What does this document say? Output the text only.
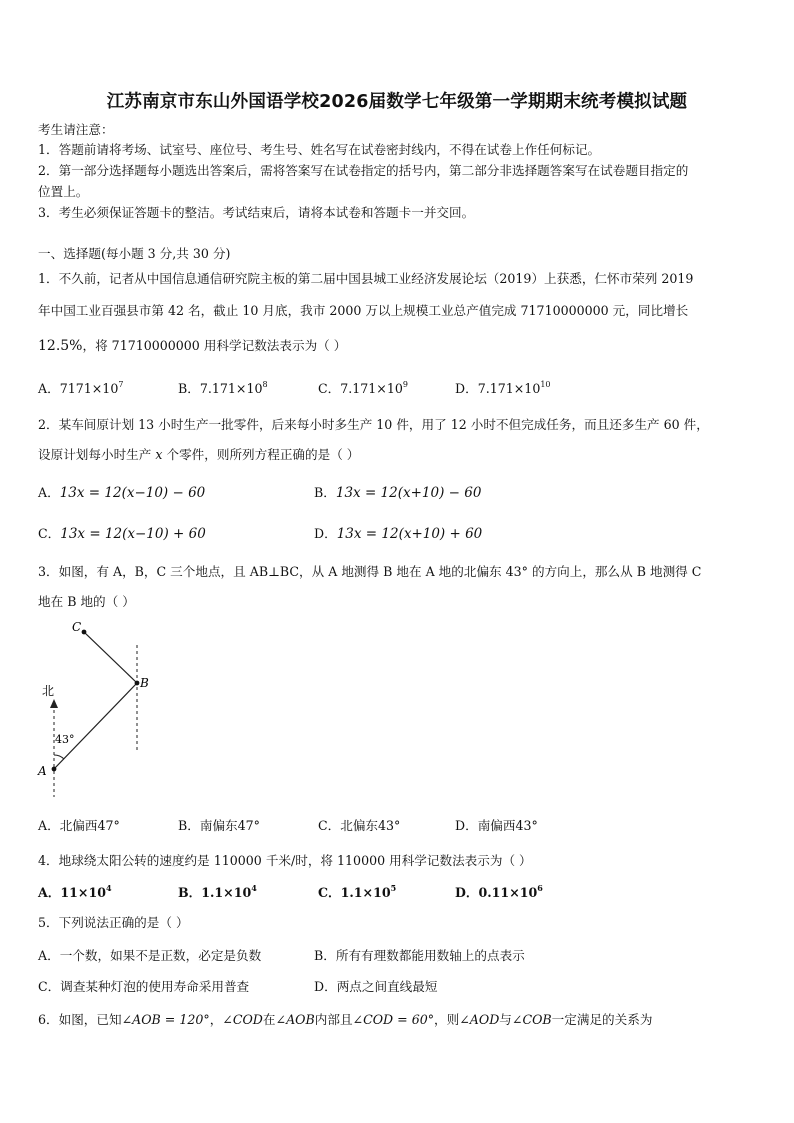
江苏南京市东山外国语学校2026届数学七年级第一学期期末统考模拟试题
考生请注意：
1．答题前请将考场、试室号、座位号、考生号、姓名写在试卷密封线内，不得在试卷上作任何标记。
2．第一部分选择题每小题选出答案后，需将答案写在试卷指定的括号内，第二部分非选择题答案写在试卷题目指定的
位置上。
3．考生必须保证答题卡的整洁。考试结束后，请将本试卷和答题卡一并交回。
一、选择题(每小题 3 分,共 30 分)
1．不久前，记者从中国信息通信研究院主板的第二届中国县城工业经济发展论坛（2019）上获悉，仁怀市荣列 2019
年中国工业百强县市第 42 名，截止 10 月底，我市 2000 万以上规模工业总产值完成 71710000000 元，同比增长
12.5%，将 71710000000 用科学记数法表示为（ ）
A．$7171\times 10^7$	B．$7.171\times 10^8$	C．$7.171\times 10^9$	D．$7.171\times 10^{10}$
2．某车间原计划 13 小时生产一批零件，后来每小时多生产 10 件，用了 12 小时不但完成任务，而且还多生产 60 件，
设原计划每小时生产 x 个零件，则所列方程正确的是（ ）
A．13x = 12(x−10) − 60	B．13x = 12(x+10) − 60
C．13x = 12(x−10) + 60	D．13x = 12(x+10) + 60
3．如图，有 A，B，C 三个地点，且 AB⊥BC，从 A 地测得 B 地在 A 地的北偏东 43° 的方向上，那么从 B 地测得 C
地在 B 地的（ ）
C
B
A
北
43°
A．北偏西47°	B．南偏东47°	C．北偏东43°	D．南偏西43°
4．地球绕太阳公转的速度约是 110000 千米/时，将 110000 用科学记数法表示为（ ）
A．$11\times 10^4$	B．$1.1\times 10^4$	C．$1.1\times 10^5$	D．$0.11\times 10^6$
5．下列说法正确的是（ ）
A．一个数，如果不是正数，必定是负数	B．所有有理数都能用数轴上的点表示
C．调查某种灯泡的使用寿命采用普查	D．两点之间直线最短
6．如图，已知∠AOB = 120°，∠COD在∠AOB内部且∠COD = 60°，则∠AOD与∠COB一定满足的关系为
